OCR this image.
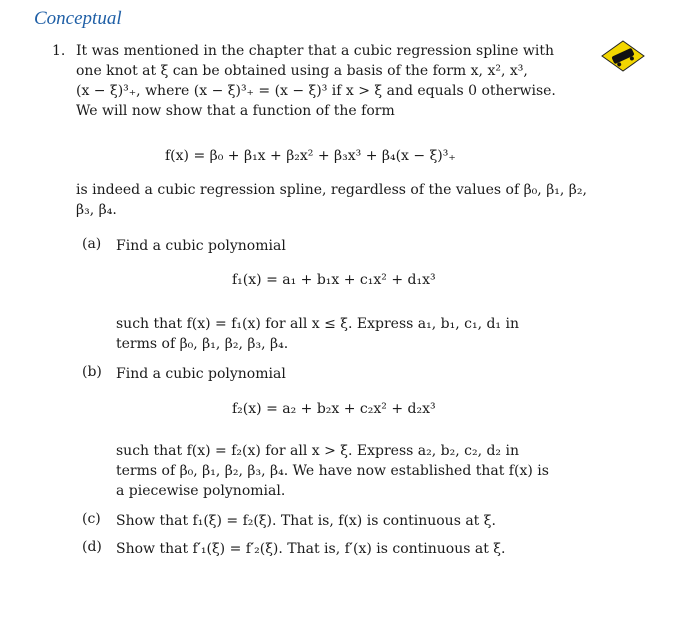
Conceptual
1. It was mentioned in the chapter that a cubic regression spline with
one knot at ξ can be obtained using a basis of the form x, x², x³,
(x − ξ)³₊, where (x − ξ)³₊ = (x − ξ)³ if x > ξ and equals 0 otherwise.
We will now show that a function of the form
f(x) = β₀ + β₁x + β₂x² + β₃x³ + β₄(x − ξ)³₊
is indeed a cubic regression spline, regardless of the values of β₀, β₁, β₂,
β₃, β₄.
(a) Find a cubic polynomial
f₁(x) = a₁ + b₁x + c₁x² + d₁x³
such that f(x) = f₁(x) for all x ≤ ξ. Express a₁, b₁, c₁, d₁ in
terms of β₀, β₁, β₂, β₃, β₄.
(b) Find a cubic polynomial
f₂(x) = a₂ + b₂x + c₂x² + d₂x³
such that f(x) = f₂(x) for all x > ξ. Express a₂, b₂, c₂, d₂ in
terms of β₀, β₁, β₂, β₃, β₄. We have now established that f(x) is
a piecewise polynomial.
(c) Show that f₁(ξ) = f₂(ξ). That is, f(x) is continuous at ξ.
(d) Show that f′₁(ξ) = f′₂(ξ). That is, f′(x) is continuous at ξ.
